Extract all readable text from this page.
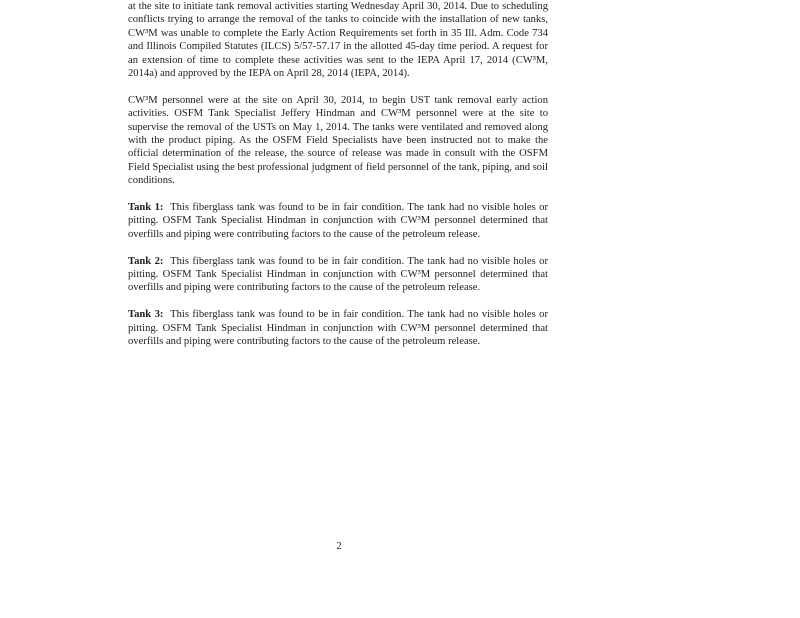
at the site to initiate tank removal activities starting Wednesday April 30, 2014. Due to scheduling conflicts trying to arrange the removal of the tanks to coincide with the installation of new tanks, CW³M was unable to complete the Early Action Requirements set forth in 35 Ill. Adm. Code 734 and Illinois Compiled Statutes (ILCS) 5/57-57.17 in the allotted 45-day time period. A request for an extension of time to complete these activities was sent to the IEPA April 17, 2014 (CW³M, 2014a) and approved by the IEPA on April 28, 2014 (IEPA, 2014).

CW³M personnel were at the site on April 30, 2014, to begin UST tank removal early action activities. OSFM Tank Specialist Jeffery Hindman and CW³M personnel were at the site to supervise the removal of the USTs on May 1, 2014. The tanks were ventilated and removed along with the product piping. As the OSFM Field Specialists have been instructed not to make the official determination of the release, the source of release was made in consult with the OSFM Field Specialist using the best professional judgment of field personnel of the tank, piping, and soil conditions.

Tank 1: This fiberglass tank was found to be in fair condition. The tank had no visible holes or pitting. OSFM Tank Specialist Hindman in conjunction with CW³M personnel determined that overfills and piping were contributing factors to the cause of the petroleum release.

Tank 2: This fiberglass tank was found to be in fair condition. The tank had no visible holes or pitting. OSFM Tank Specialist Hindman in conjunction with CW³M personnel determined that overfills and piping were contributing factors to the cause of the petroleum release.

Tank 3: This fiberglass tank was found to be in fair condition. The tank had no visible holes or pitting. OSFM Tank Specialist Hindman in conjunction with CW³M personnel determined that overfills and piping were contributing factors to the cause of the petroleum release.

2
